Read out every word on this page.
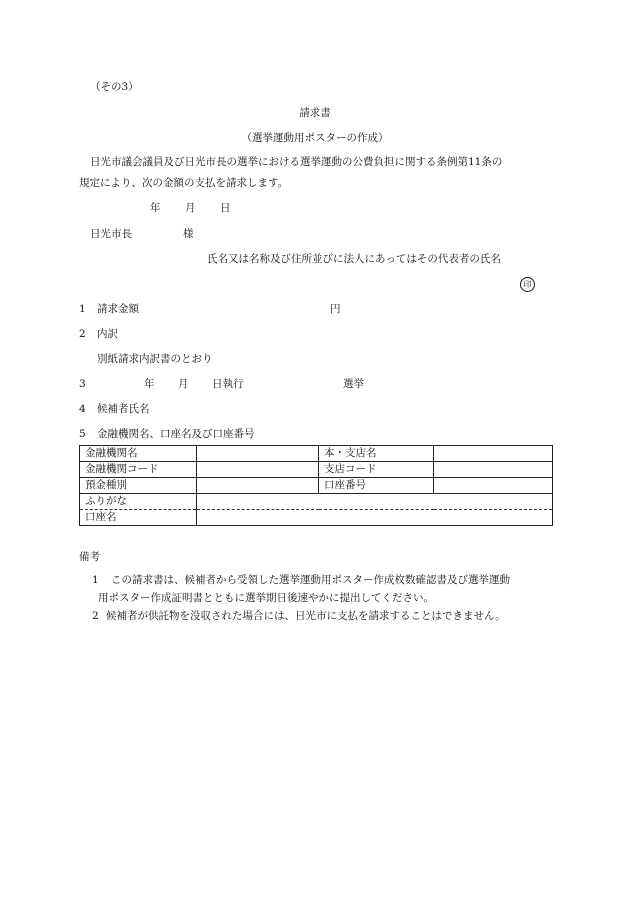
（その3）
請求書
（選挙運動用ポスターの作成）
日光市議会議員及び日光市長の選挙における選挙運動の公費負担に関する条例第11条の
規定により、次の金額の支払を請求します。
年 月 日
日光市長	様
氏名又は名称及び住所並びに法人にあってはその代表者の氏名
印
1 請求金額	円
2 内訳
別紙請求内訳書のとおり
3	年 月 日執行	選挙
4 候補者氏名
5 金融機関名、口座名及び口座番号
金融機関名		本・支店名	
金融機関コード		支店コード	
預金種別		口座番号	
ふりがな			
口座名			
備考
1 この請求書は、候補者から受領した選挙運動用ポスター作成枚数確認書及び選挙運動
用ポスター作成証明書とともに選挙期日後速やかに提出してください。
2 候補者が供託物を没収された場合には、日光市に支払を請求することはできません。
